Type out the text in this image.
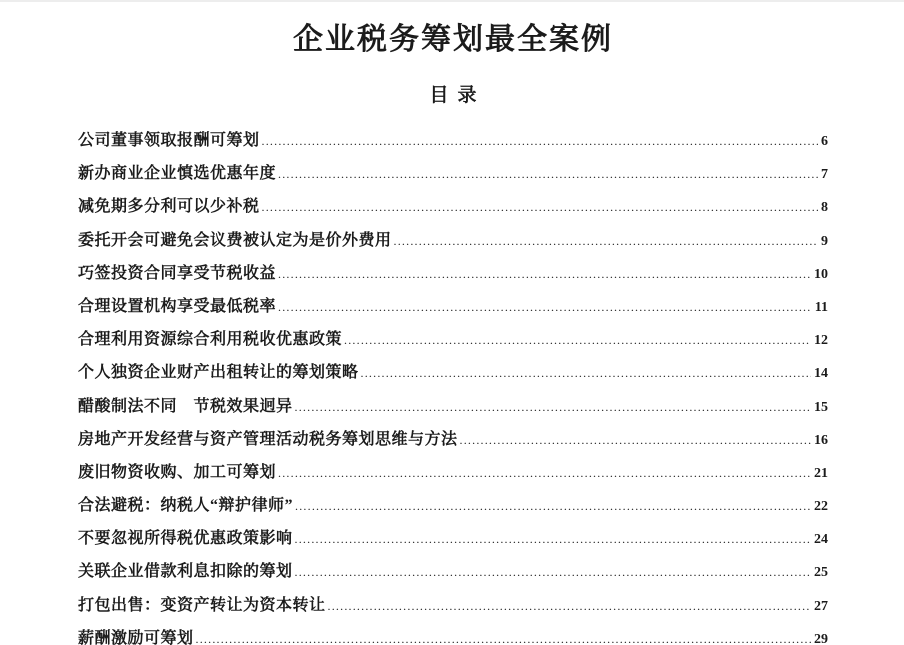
企业税务筹划最全案例
目录
公司董事领取报酬可筹划 .....	6
新办商业企业慎选优惠年度 .....	7
减免期多分利可以少补税 .....	8
委托开会可避免会议费被认定为是价外费用 .....	9
巧签投资合同享受节税收益 .....	10
合理设置机构享受最低税率 .....	11
合理利用资源综合利用税收优惠政策 .....	12
个人独资企业财产出租转让的筹划策略 .....	14
醋酸制法不同　节税效果迥异 .....	15
房地产开发经营与资产管理活动税务筹划思维与方法 .....	16
废旧物资收购、加工可筹划 .....	21
合法避税：纳税人“辩护律师” .....	22
不要忽视所得税优惠政策影响 .....	24
关联企业借款利息扣除的筹划 .....	25
打包出售：变资产转让为资本转让 .....	27
薪酬激励可筹划 .....	29
